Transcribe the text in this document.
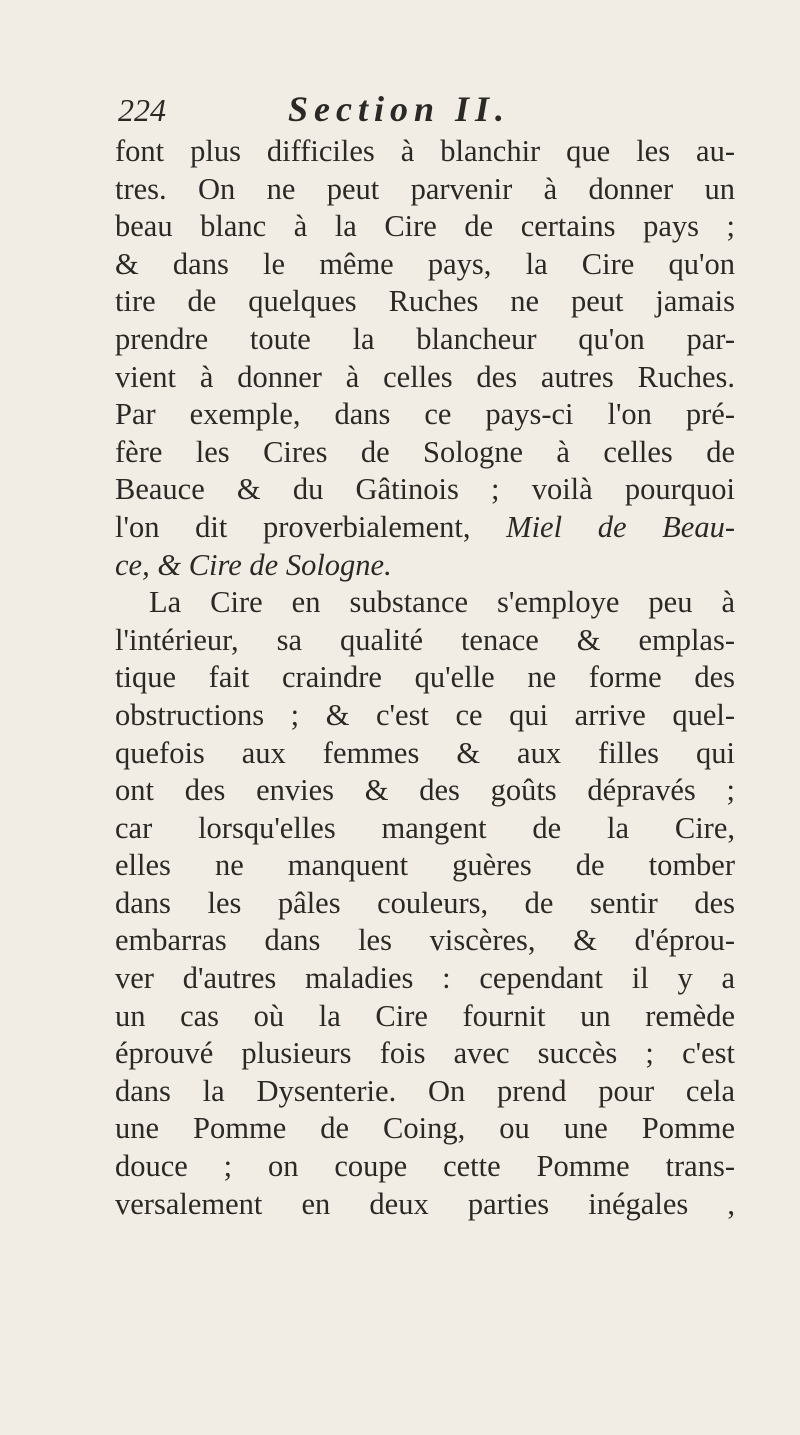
224	Section II.
font plus difficiles à blanchir que les au-
tres. On ne peut parvenir à donner un
beau blanc à la Cire de certains pays ;
& dans le même pays, la Cire qu'on
tire de quelques Ruches ne peut jamais
prendre toute la blancheur qu'on par-
vient à donner à celles des autres Ruches.
Par exemple, dans ce pays-ci l'on pré-
fère les Cires de Sologne à celles de
Beauce & du Gâtinois ; voilà pourquoi
l'on dit proverbialement, Miel de Beau-
ce, & Cire de Sologne.
La Cire en substance s'employe peu à
l'intérieur, sa qualité tenace & emplas-
tique fait craindre qu'elle ne forme des
obstructions ; & c'est ce qui arrive quel-
quefois aux femmes & aux filles qui
ont des envies & des goûts dépravés ;
car lorsqu'elles mangent de la Cire,
elles ne manquent guères de tomber
dans les pâles couleurs, de sentir des
embarras dans les viscères, & d'éprou-
ver d'autres maladies : cependant il y a
un cas où la Cire fournit un remède
éprouvé plusieurs fois avec succès ; c'est
dans la Dysenterie. On prend pour cela
une Pomme de Coing, ou une Pomme
douce ; on coupe cette Pomme trans-
versalement en deux parties inégales ,
